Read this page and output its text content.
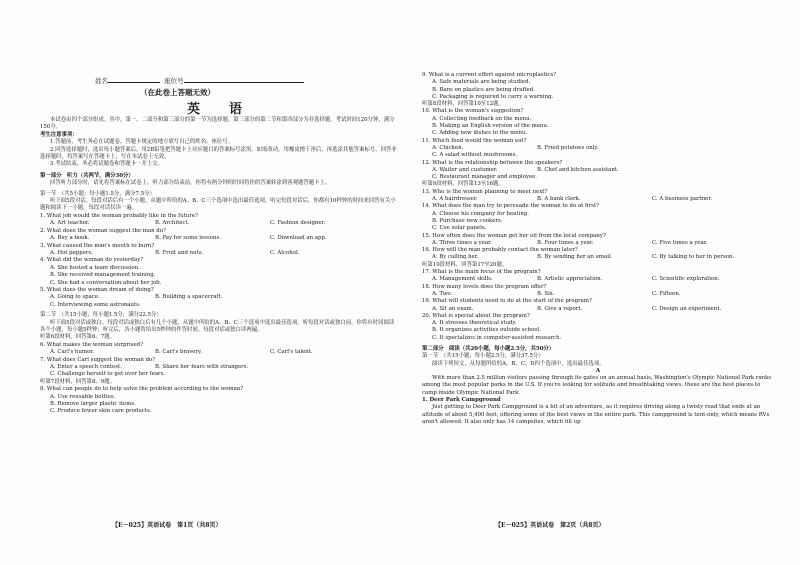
姓名	座位号
（在此卷上答题无效）
英　语

本试卷由四个部分组成。其中，第一、二部分和第三部分的第一节为选择题。第三部分的第二节和第四部分为非选择题。考试时间120分钟，满分150分。

考生注意事项：

1.答题前，考生务必在试题卷、答题卡规定的地方填写自己的姓名、座位号。

2.回答选择题时，选出每小题答案后，用2B铅笔把答题卡上对应题目的答案标号涂黑。如需改动，用橡皮擦干净后，再选涂其他答案标号。回答非选择题时，将答案写在答题卡上，写在本试卷上无效。

3.考试结束，务必将试题卷和答题卡一并上交。

第一部分　听力（共两节，满分30分）

回答听力部分时，请先将答案标在试卷上。听力部分结束前，你将有两分钟的时间将你的答案转涂到客观题答题卡上。

第一节　（共5小题；每小题1.5分，满分7.5分）

听下面5段对话。每段对话后有一个小题，从题中所给的A、B、C三个选项中选出最佳选项。听完每段对话后，你都有10秒钟的时间来回答有关小题和阅读下一小题。每段对话仅读一遍。

1. What job would the woman probably like in the future?

A. Art teacher.	B. Architect.	C. Fashion designer.

2. What does the woman suggest the man do?

A. Buy a book.	B. Pay for some lessons.	C. Download an app.

3. What caused the man's mouth to burn?

A. Hot peppers.	B. Fruit and nuts.	C. Alcohol.

4. What did the woman do yesterday?

A. She hosted a team discussion.
B. She received management training.
C. She had a conversation about her job.

5. What does the woman dream of doing?

A. Going to space.	B. Building a spacecraft.
C. Interviewing some astronauts.

第二节　（共15小题；每小题1.5分，满分22.5分）

听下面5段对话或独白。每段对话或独白后有几个小题，从题中所给的A、B、C三个选项中选出最佳选项。听每段对话或独白前，你将有时间阅读各个小题，每小题5秒钟；听完后，各小题将给出5秒钟的作答时间。每段对话或独白读两遍。

听第6段材料，回答第6、7题。

6. What makes the woman surprised?

A. Carl's humor.	B. Carl's bravery.	C. Carl's talent.

7. What does Carl suggest the woman do?

A. Enter a speech contest.	B. Share her fears with strangers.
C. Challenge herself to get over her fears.

听第7段材料，回答第8、9题。

8. What can people do to help solve the problem according to the woman?

A. Use reusable bottles.
B. Remove larger plastic items.
C. Produce fewer skin care products.

9. What is a current effort against microplastics?

A. Safe materials are being studied.
B. Bans on plastics are being drafted.
C. Packaging is required to carry a warning.

听第8段材料，回答第10至12题。

10. What is the woman's suggestion?

A. Collecting feedback on the menu.
B. Making an English version of the menu.
C. Adding new dishes to the menu.

11. Which food would the woman eat?

A. Chicken.	B. Fried potatoes only.
C. A salad without mushrooms.

12. What is the relationship between the speakers?

A. Waiter and customer.	B. Chef and kitchen assistant.
C. Restaurant manager and employee.

听第9段材料，回答第13至16题。

13. Who is the woman planning to meet next?

A. A hairdresser.	B. A bank clerk.	C. A business partner.

14. What does the man try to persuade the woman to do at first?

A. Choose his company for heating.
B. Purchase new cookers.
C. Use solar panels.

15. How often does the woman get her oil from the local company?

A. Three times a year.	B. Four times a year.	C. Five times a year.

16. How will the man probably contact the woman later?

A. By calling her.	B. By sending her an email.	C. By talking to her in person.

听第10段材料，回答第17至20题。

17. What is the main focus of the program?

A. Management skills.	B. Artistic appreciation.	C. Scientific exploration.

18. How many levels does the program offer?

A. Two.	B. Six.	C. Fifteen.

19. What will students need to do at the start of the program?

A. Sit an exam.	B. Give a report.	C. Design an experiment.

20. What is special about the program?

A. It stresses theoretical study.
B. It organizes activities outside school.
C. It specializes in computer-assisted research.

第二部分　阅读（共20小题，每小题2.5分，共50分）

第一节　（共15小题；每小题2.5分，满分37.5分）

阅读下列短文，从每题所给的A、B、C、D四个选项中，选出最佳选项。

A

With more than 2.5 million visitors passing through its gates on an annual basis, Washington's Olympic National Park ranks among the most popular parks in the U.S. If you're looking for solitude and breathtaking views, these are the best places to camp inside Olympic National Park.

1. Deer Park Campground

Just getting to Deer Park Campground is a bit of an adventure, as it requires driving along a twisty road that ends at an altitude of about 5,400 feet, offering some of the best views in the entire park. This campground is tent-only, which means RVs aren't allowed. It also only has 14 campsites, which fill up

【E－025】英语试卷　第1页（共8页）	【E－025】英语试卷　第2页（共8页）
